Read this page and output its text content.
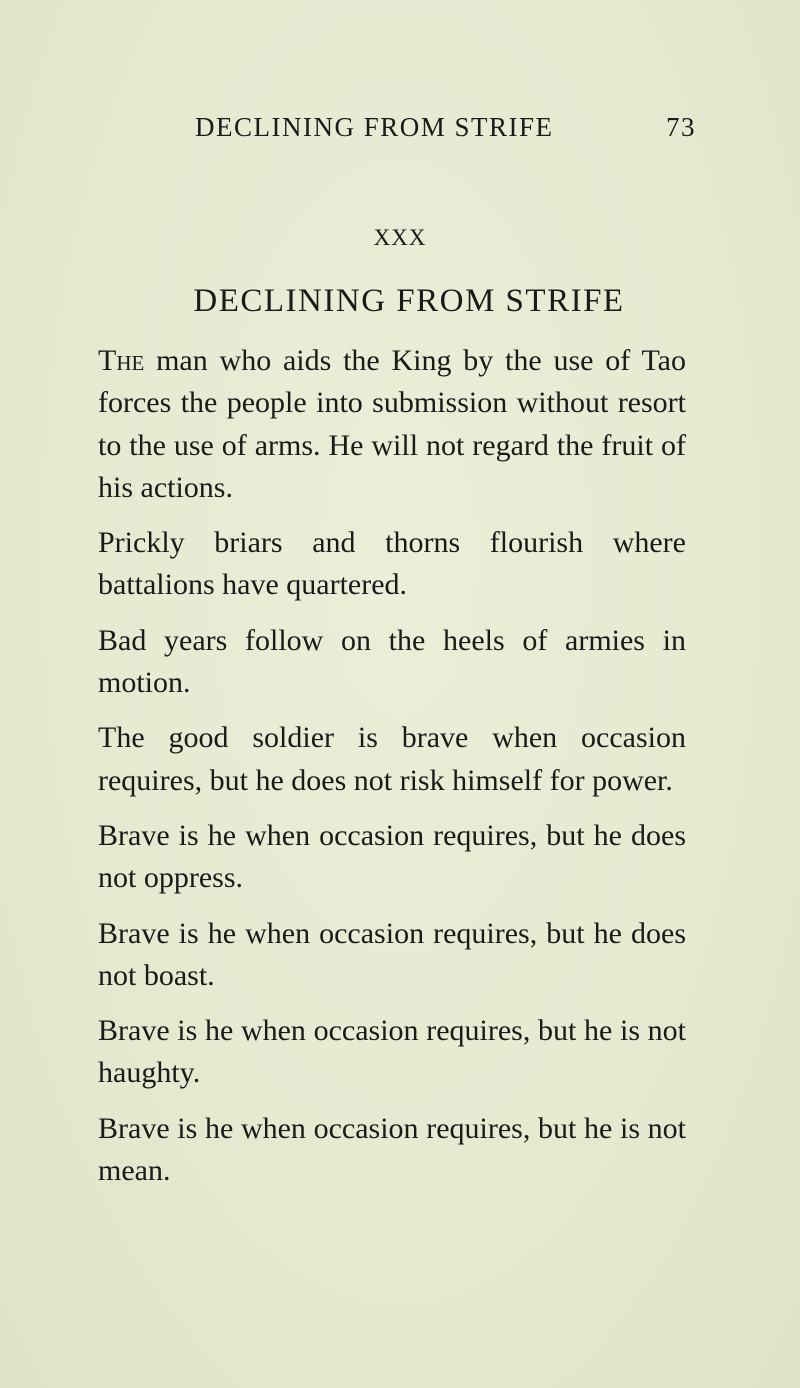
DECLINING FROM STRIFE	73
XXX
DECLINING FROM STRIFE

The man who aids the King by the use of Tao forces the people into submission without resort to the use of arms. He will not regard the fruit of his actions.

Prickly briars and thorns flourish where battalions have quartered.

Bad years follow on the heels of armies in motion.

The good soldier is brave when occasion requires, but he does not risk himself for power.

Brave is he when occasion requires, but he does not oppress.

Brave is he when occasion requires, but he does not boast.

Brave is he when occasion requires, but he is not haughty.

Brave is he when occasion requires, but he is not mean.
